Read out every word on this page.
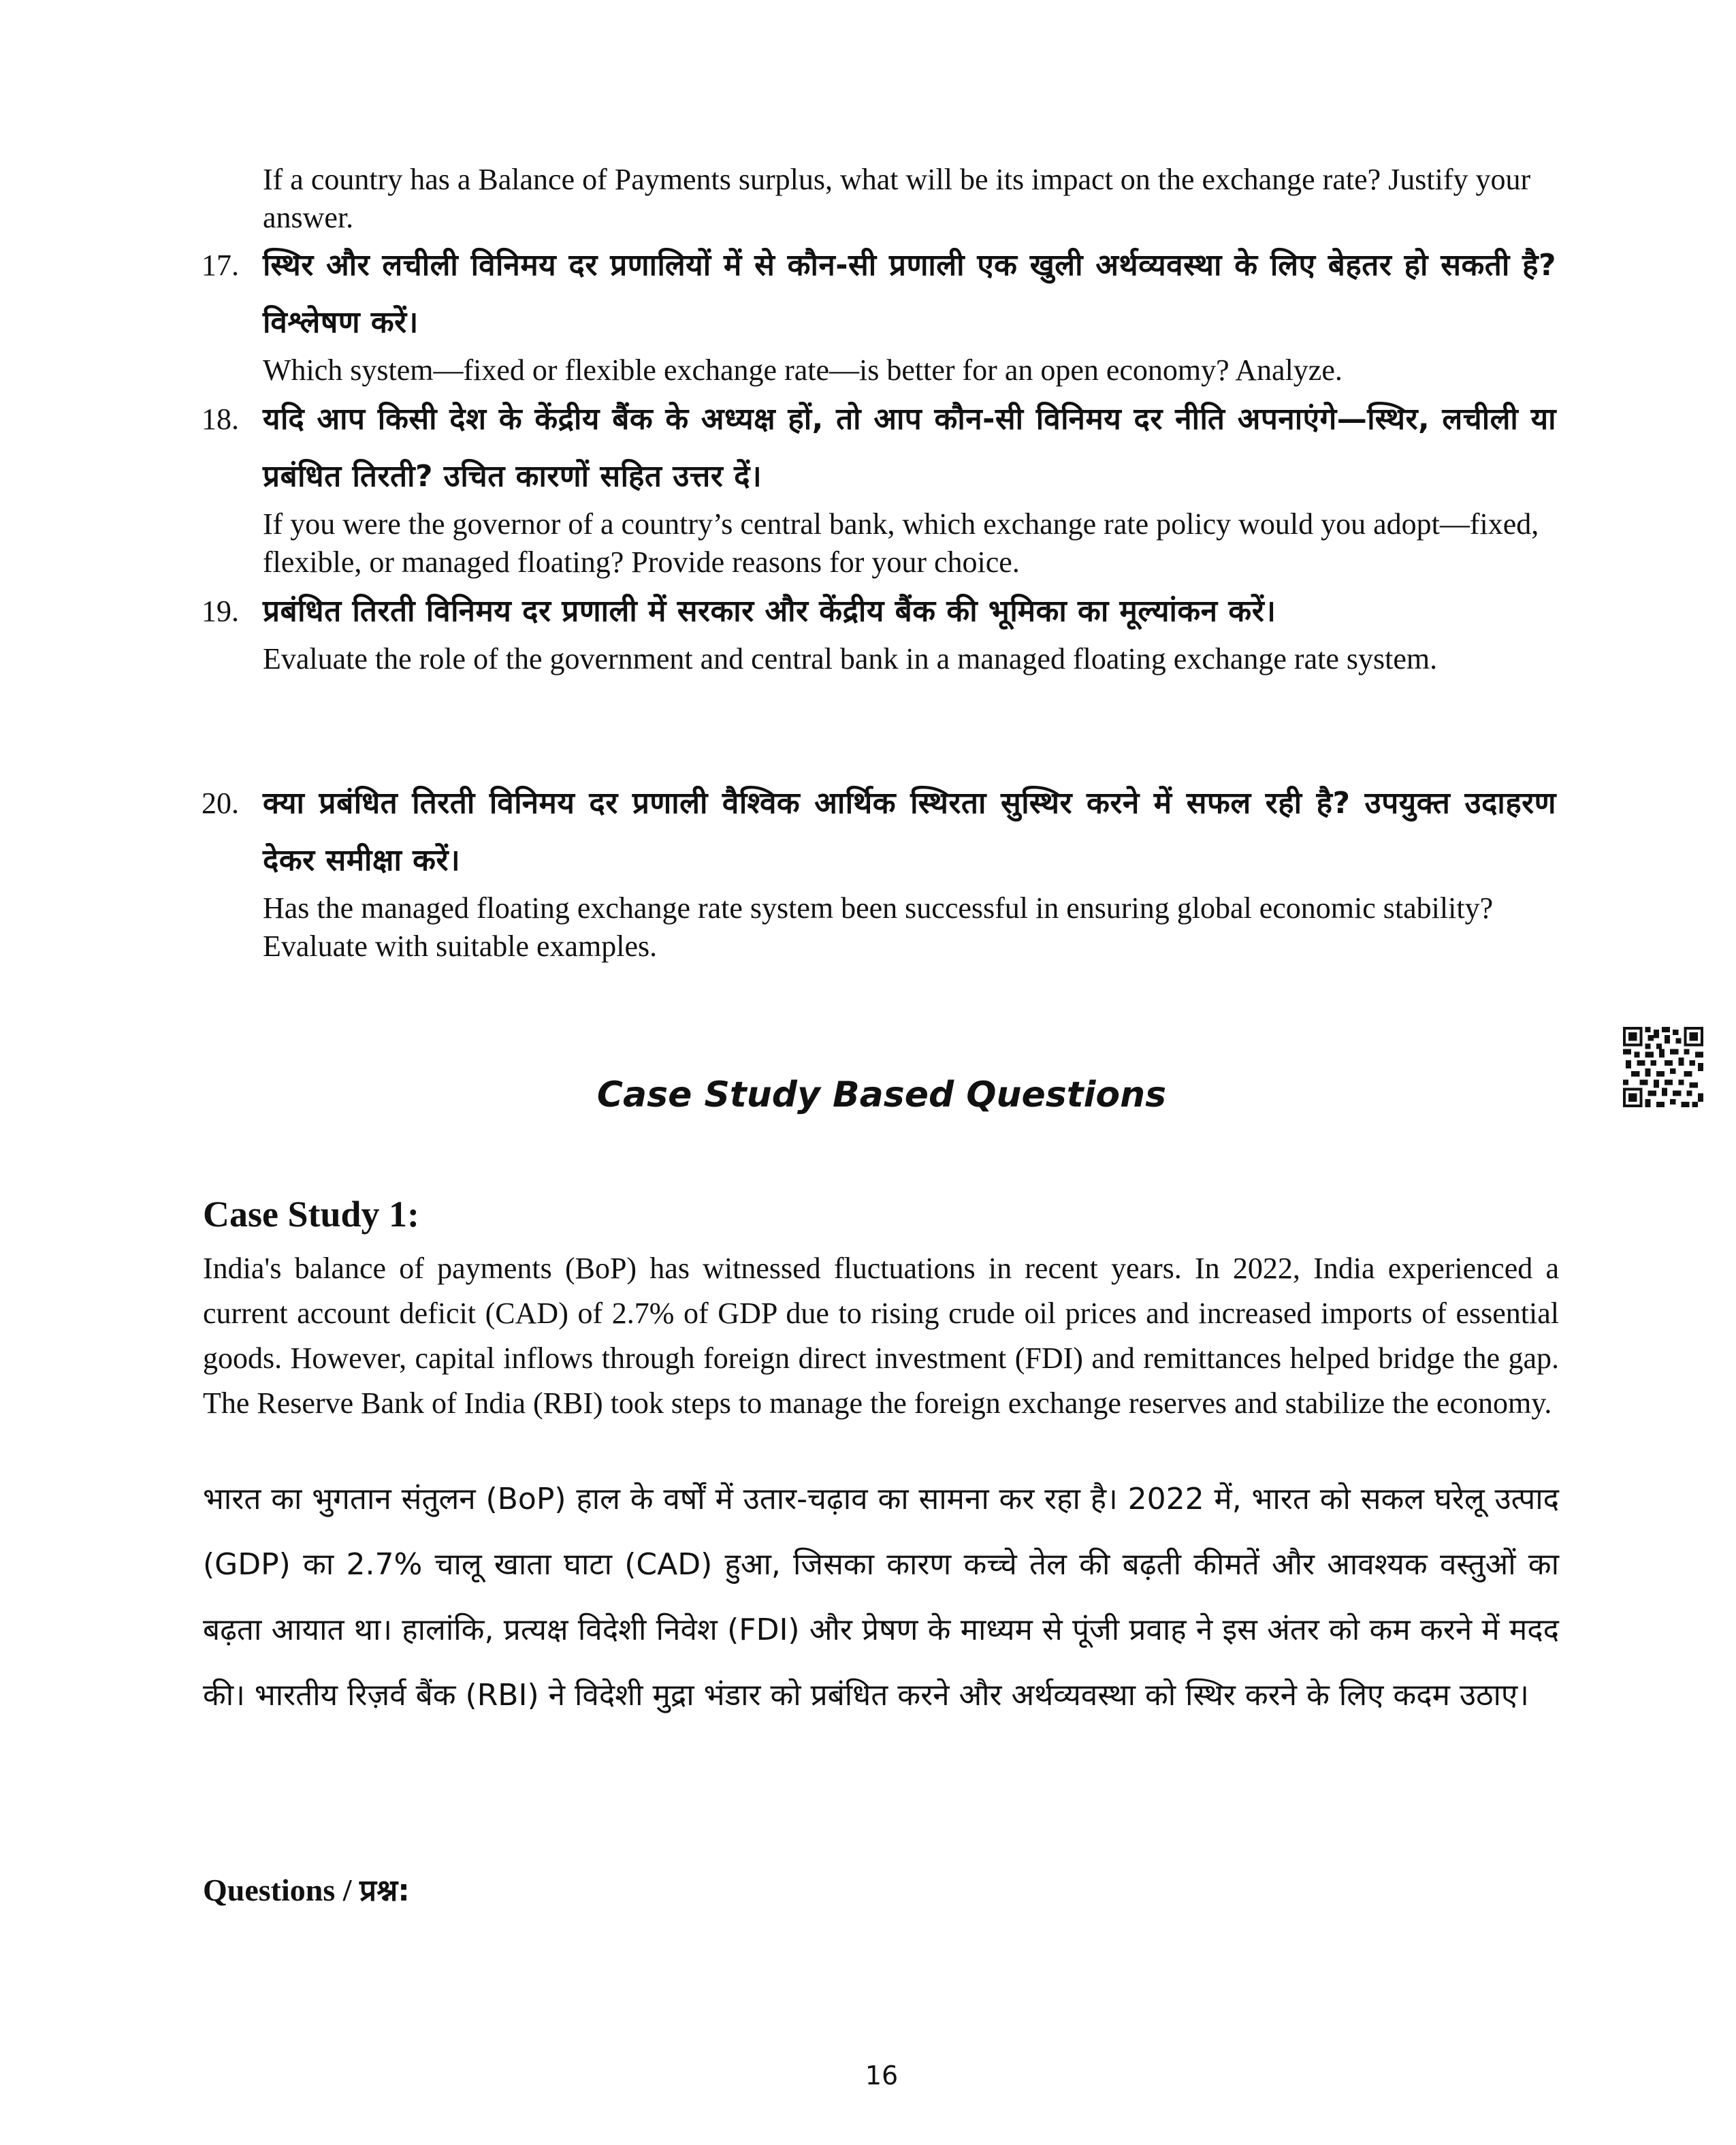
If a country has a Balance of Payments surplus, what will be its impact on the exchange rate? Justify your answer.
17. स्थिर और लचीली विनिमय दर प्रणालियों में से कौन-सी प्रणाली एक खुली अर्थव्यवस्था के लिए बेहतर हो सकती है? विश्लेषण करें।
Which system—fixed or flexible exchange rate—is better for an open economy? Analyze.
18. यदि आप किसी देश के केंद्रीय बैंक के अध्यक्ष हों, तो आप कौन-सी विनिमय दर नीति अपनाएंगे—स्थिर, लचीली या प्रबंधित तिरती? उचित कारणों सहित उत्तर दें।
If you were the governor of a country’s central bank, which exchange rate policy would you adopt—fixed, flexible, or managed floating? Provide reasons for your choice.
19. प्रबंधित तिरती विनिमय दर प्रणाली में सरकार और केंद्रीय बैंक की भूमिका का मूल्यांकन करें।
Evaluate the role of the government and central bank in a managed floating exchange rate system.
20. क्या प्रबंधित तिरती विनिमय दर प्रणाली वैश्विक आर्थिक स्थिरता सुस्थिर करने में सफल रही है? उपयुक्त उदाहरण देकर समीक्षा करें।
Has the managed floating exchange rate system been successful in ensuring global economic stability? Evaluate with suitable examples.
Case Study Based Questions
Case Study 1:
India's balance of payments (BoP) has witnessed fluctuations in recent years. In 2022, India experienced a current account deficit (CAD) of 2.7% of GDP due to rising crude oil prices and increased imports of essential goods. However, capital inflows through foreign direct investment (FDI) and remittances helped bridge the gap. The Reserve Bank of India (RBI) took steps to manage the foreign exchange reserves and stabilize the economy.
भारत का भुगतान संतुलन (BoP) हाल के वर्षों में उतार-चढ़ाव का सामना कर रहा है। 2022 में, भारत को सकल घरेलू उत्पाद (GDP) का 2.7% चालू खाता घाटा (CAD) हुआ, जिसका कारण कच्चे तेल की बढ़ती कीमतें और आवश्यक वस्तुओं का बढ़ता आयात था। हालांकि, प्रत्यक्ष विदेशी निवेश (FDI) और प्रेषण के माध्यम से पूंजी प्रवाह ने इस अंतर को कम करने में मदद की। भारतीय रिज़र्व बैंक (RBI) ने विदेशी मुद्रा भंडार को प्रबंधित करने और अर्थव्यवस्था को स्थिर करने के लिए कदम उठाए।
Questions / प्रश्न:
16
